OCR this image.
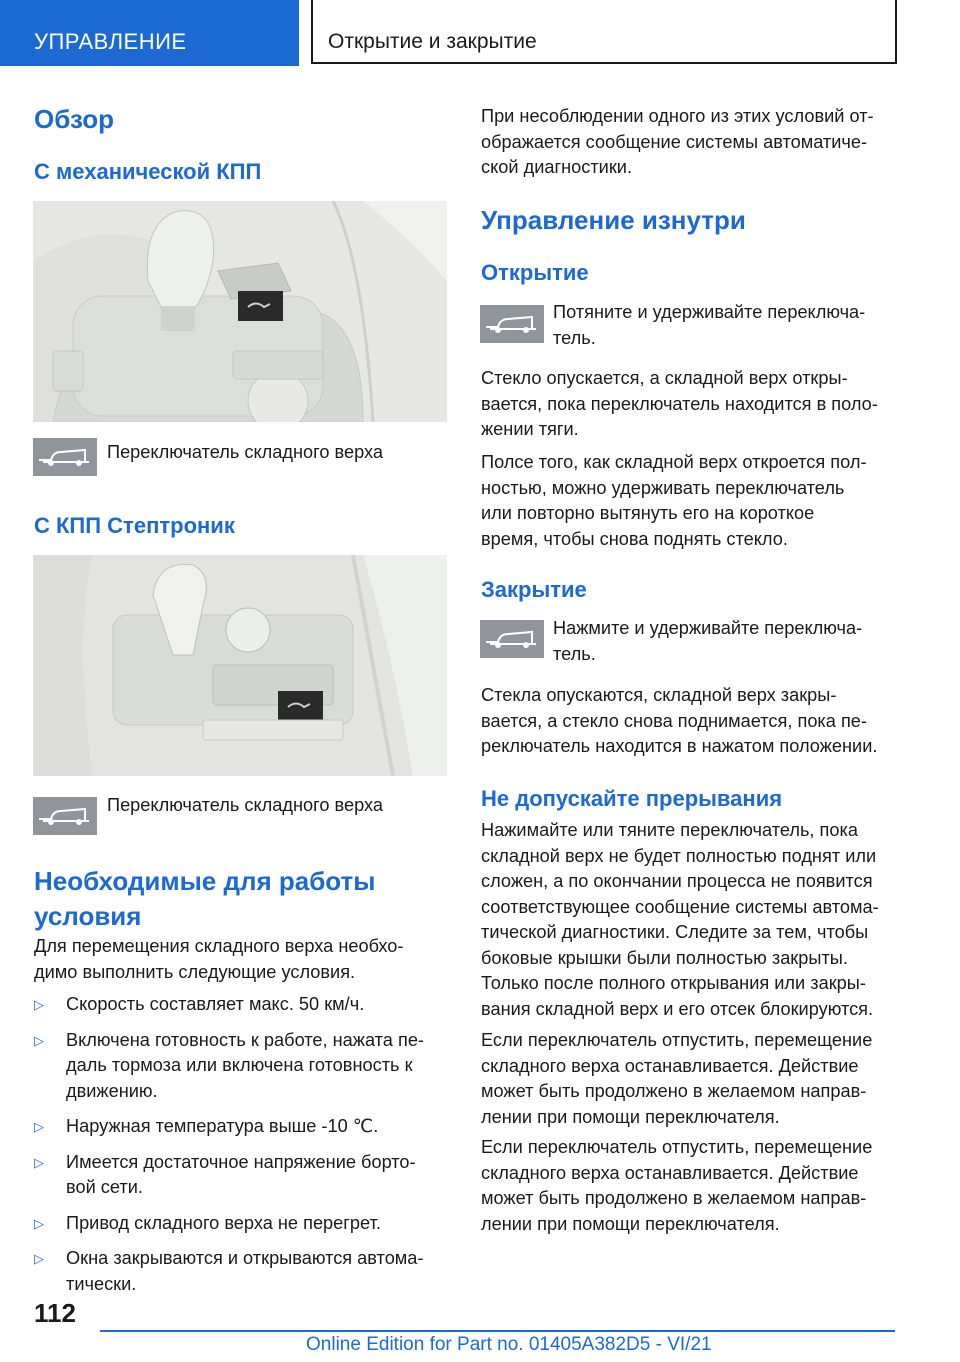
УПРАВЛЕНИЕ	Открытие и закрытие
Обзор
С механической КПП
Переключатель складного верха
С КПП Стептроник
Переключатель складного верха
Необходимые для работы
условия
Для перемещения складного верха необхо-
димо выполнить следующие условия.
▷ Скорость составляет макс. 50 км/ч.
▷ Включена готовность к работе, нажата пе-
даль тормоза или включена готовность к
движению.
▷ Наружная температура выше -10 ℃.
▷ Имеется достаточное напряжение борто-
вой сети.
▷ Привод складного верха не перегрет.
▷ Окна закрываются и открываются автома-
тически.
При несоблюдении одного из этих условий от-
ображается сообщение системы автоматиче-
ской диагностики.
Управление изнутри
Открытие
Потяните и удерживайте переключа-
тель.
Стекло опускается, а складной верх откры-
вается, пока переключатель находится в поло-
жении тяги.
Полсе того, как складной верх откроется пол-
ностью, можно удерживать переключатель
или повторно вытянуть его на короткое
время, чтобы снова поднять стекло.
Закрытие
Нажмите и удерживайте переключа-
тель.
Стекла опускаются, складной верх закры-
вается, а стекло снова поднимается, пока пе-
реключатель находится в нажатом положении.
Не допускайте прерывания
Нажимайте или тяните переключатель, пока
складной верх не будет полностью поднят или
сложен, а по окончании процесса не появится
соответствующее сообщение системы автома-
тической диагностики. Следите за тем, чтобы
боковые крышки были полностью закрыты.
Только после полного открывания или закры-
вания складной верх и его отсек блокируются.
Если переключатель отпустить, перемещение
складного верха останавливается. Действие
может быть продолжено в желаемом направ-
лении при помощи переключателя.
Если переключатель отпустить, перемещение
складного верха останавливается. Действие
может быть продолжено в желаемом направ-
лении при помощи переключателя.
112
Online Edition for Part no. 01405A382D5 - VI/21
